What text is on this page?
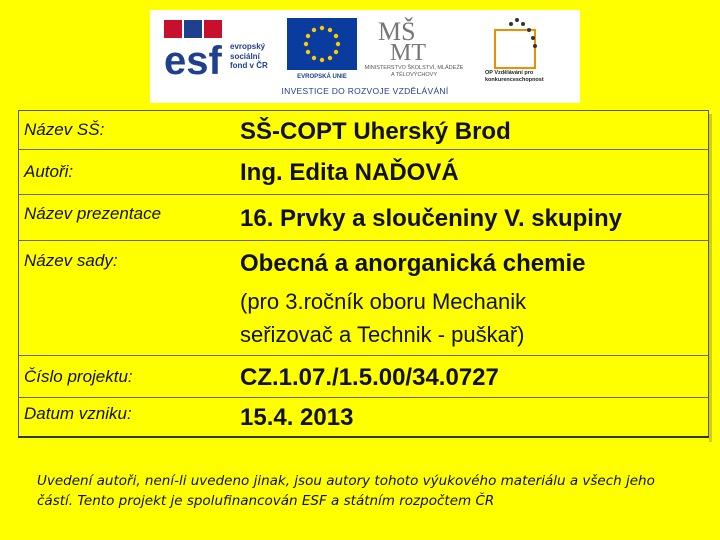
esf evropský
sociální
fond v ČR
EVROPSKÁ UNIE
MŠ
MT
MINISTERSTVO ŠKOLSTVÍ, MLÁDEŽE A TĚLOVÝCHOVY	OP Vzdělávání pro konkurenceschopnost
INVESTICE DO ROZVOJE VZDĚLÁVÁNÍ
Název SŠ:	SŠ-COPT Uherský Brod
Autoři:	Ing. Edita NAĎOVÁ
Název prezentace	16. Prvky a sloučeniny V. skupiny
Název sady:	Obecná a anorganická chemie
(pro 3.ročník oboru Mechanik
seřizovač a Technik - puškař)
Číslo projektu:	CZ.1.07./1.5.00/34.0727
Datum vzniku:	15.4. 2013
Uvedení autoři, není-li uvedeno jinak, jsou autory tohoto výukového materiálu a všech jeho částí. Tento projekt je spolufinancován ESF a státním rozpočtem ČR
